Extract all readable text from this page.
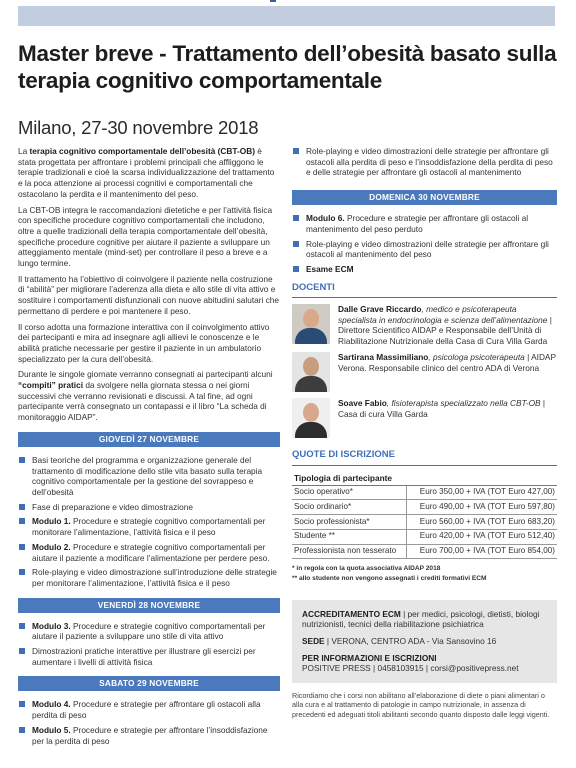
Master breve - Trattamento dell’obesità basato sulla terapia cognitivo comportamentale
Milano, 27-30 novembre 2018

La terapia cognitivo comportamentale dell’obesità (CBT-OB) è stata progettata per affrontare i problemi principali che affliggono le terapie tradizionali e cioè la scarsa individualizzazione del trattamento e la poca attenzione ai processi cognitivi e comportamentali che ostacolano la perdita e il mantenimento del peso.

La CBT-OB integra le raccomandazioni dietetiche e per l’attività fisica con specifiche procedure cognitivo comportamentali che includono, oltre a quelle tradizionali della terapia comportamentale dell’obesità, specifiche procedure cognitive per aiutare il paziente a sviluppare un atteggiamento mentale (mind-set) per controllare il peso a breve e a lungo termine.

Il trattamento ha l’obiettivo di coinvolgere il paziente nella costruzione di “abilità” per migliorare l’aderenza alla dieta e allo stile di vita attivo e sostituire i comportamenti disfunzionali con nuove abitudini salutari che permettano di perdere e poi mantenere il peso.

Il corso adotta una formazione interattiva con il coinvolgimento attivo dei partecipanti e mira ad insegnare agli allievi le conoscenze e le abilità pratiche necessarie per gestire il paziente in un ambulatorio specializzato per la cura dell’obesità.

Durante le singole giornate verranno consegnati ai partecipanti alcuni “compiti” pratici da svolgere nella giornata stessa o nei giorni successivi che verranno revisionati e discussi. A tal fine, ad ogni partecipante verrà consegnato un contapassi e il libro “La scheda di monitoraggio AIDAP”.

GIOVEDÌ 27 NOVEMBRE
Basi teoriche del programma e organizzazione generale del trattamento di modificazione dello stile vita basato sulla terapia cognitivo comportamentale per la gestione del sovrappeso e dell’obesità
Fase di preparazione e video dimostrazione
Modulo 1. Procedure e strategie cognitivo comportamentali per monitorare l’alimentazione, l’attività fisica e il peso
Modulo 2. Procedure e strategie cognitivo comportamentali per aiutare il paziente a modificare l’alimentazione per perdere peso.
Role-playing e video dimostrazione sull’introduzione delle strategie per monitorare l’alimentazione, l’attività fisica e il peso
VENERDÌ 28 NOVEMBRE
Modulo 3. Procedure e strategie cognitivo comportamentali per aiutare il paziente a sviluppare uno stile di vita attivo
Dimostrazioni pratiche interattive per illustrare gli esercizi per aumentare i livelli di attività fisica
SABATO 29 NOVEMBRE
Modulo 4. Procedure e strategie per affrontare gli ostacoli alla perdita di peso
Modulo 5. Procedure e strategie per affrontare l’insoddisfazione per la perdita di peso
Role-playing e video dimostrazioni delle strategie per affrontare gli ostacoli alla perdita di peso e l’insoddisfazione della perdita di peso e delle strategie per affrontare gli ostacoli al mantenimento
DOMENICA 30 NOVEMBRE
Modulo 6. Procedure e strategie per affrontare gli ostacoli al mantenimento del peso perduto
Role-playing e video dimostrazioni delle strategie per affrontare gli ostacoli al mantenimento del peso
Esame ECM
DOCENTI
Dalle Grave Riccardo, medico e psicoterapeuta specialista in endocrinologia e scienza dell’alimentazione | Direttore Scientifico AIDAP e Responsabile dell’Unità di Riabilitazione Nutrizionale della Casa di Cura Villa Garda
Sartirana Massimiliano, psicologa psicoterapeuta | AIDAP Verona. Responsabile clinico del centro ADA di Verona
Soave Fabio, fisioterapista specializzato nella CBT-OB | Casa di cura Villa Garda
QUOTE DI ISCRIZIONE
Tipologia di partecipante	
Socio operativo*	Euro 350,00 + IVA (TOT Euro 427,00)
Socio ordinario*	Euro 490,00 + IVA (TOT Euro 597,80)
Socio professionista*	Euro 560,00 + IVA (TOT Euro 683,20)
Studente **	Euro 420,00 + IVA (TOT Euro 512,40)
Professionista non tesserato	Euro 700,00 + IVA (TOT Euro 854,00)
* in regola con la quota associativa AIDAP 2018
** allo studente non vengono assegnati i crediti formativi ECM
ACCREDITAMENTO ECM | per medici, psicologi, dietisti, biologi nutrizionisti, tecnici della riabilitazione psichiatrica
SEDE | VERONA, CENTRO ADA - Via Sansovino 16
PER INFORMAZIONI E ISCRIZIONI
POSITIVE PRESS | 0458103915 | corsi@positivepress.net
Ricordiamo che i corsi non abilitano all’elaborazione di diete o piani alimentari o alla cura e al trattamento di patologie in campo nutrizionale, in assenza di precedenti ed adeguati titoli abilitanti secondo quanto disposto dalle leggi vigenti.
